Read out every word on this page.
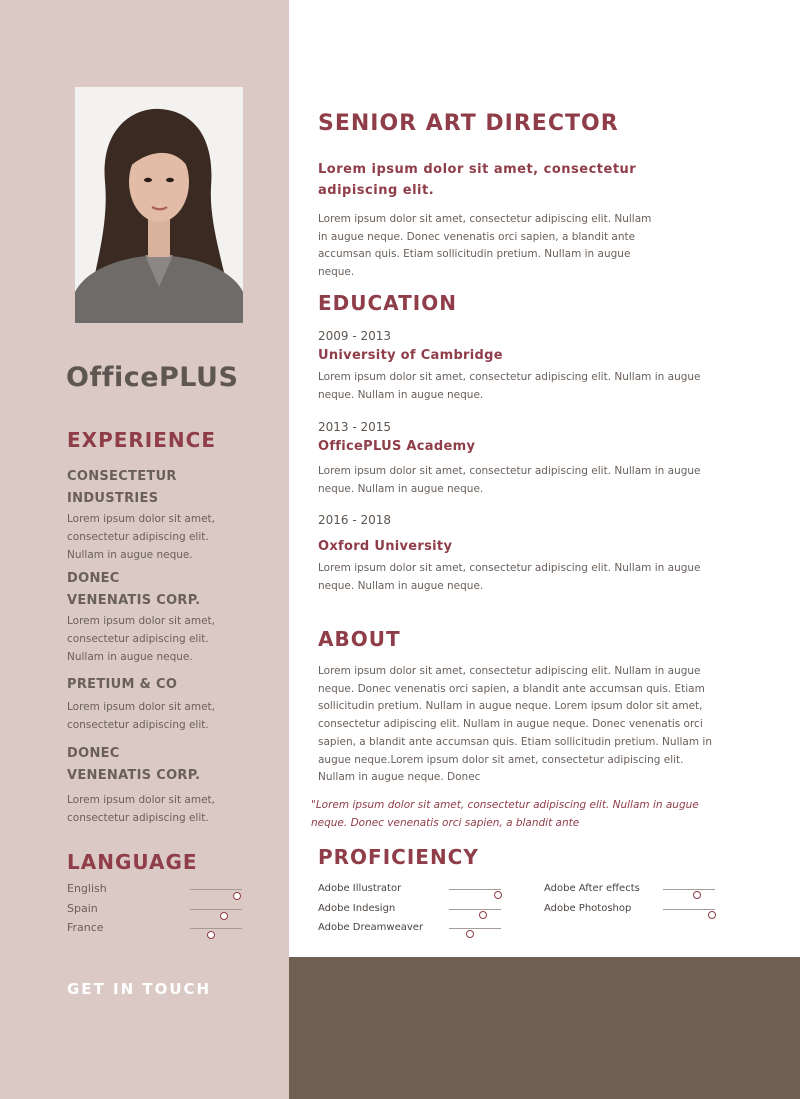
OfficePLUS
EXPERIENCE
CONSECTETUR
INDUSTRIES
Lorem ipsum dolor sit amet,
consectetur adipiscing elit.
Nullam in augue neque.
DONEC
VENENATIS CORP.
Lorem ipsum dolor sit amet,
consectetur adipiscing elit.
Nullam in augue neque.
PRETIUM & CO
Lorem ipsum dolor sit amet,
consectetur adipiscing elit.
DONEC
VENENATIS CORP.
Lorem ipsum dolor sit amet,
consectetur adipiscing elit.
LANGUAGE
English
Spain
France
GET IN TOUCH
SENIOR ART DIRECTOR
Lorem ipsum dolor sit amet, consectetur
adipiscing elit.
Lorem ipsum dolor sit amet, consectetur adipiscing elit. Nullam
in augue neque. Donec venenatis orci sapien, a blandit ante
accumsan quis. Etiam sollicitudin pretium. Nullam in augue
neque.
EDUCATION
2009 - 2013
University of Cambridge
Lorem ipsum dolor sit amet, consectetur adipiscing elit. Nullam in augue
neque. Nullam in augue neque.
2013 - 2015
OfficePLUS Academy
Lorem ipsum dolor sit amet, consectetur adipiscing elit. Nullam in augue
neque. Nullam in augue neque.
2016 - 2018
Oxford University
Lorem ipsum dolor sit amet, consectetur adipiscing elit. Nullam in augue
neque. Nullam in augue neque.
ABOUT
Lorem ipsum dolor sit amet, consectetur adipiscing elit. Nullam in augue
neque. Donec venenatis orci sapien, a blandit ante accumsan quis. Etiam
sollicitudin pretium. Nullam in augue neque. Lorem ipsum dolor sit amet,
consectetur adipiscing elit. Nullam in augue neque. Donec venenatis orci
sapien, a blandit ante accumsan quis. Etiam sollicitudin pretium. Nullam in
augue neque.Lorem ipsum dolor sit amet, consectetur adipiscing elit.
Nullam in augue neque. Donec
"Lorem ipsum dolor sit amet, consectetur adipiscing elit. Nullam in augue
neque. Donec venenatis orci sapien, a blandit ante
PROFICIENCY
Adobe Illustrator
Adobe Indesign
Adobe Dreamweaver
Adobe After effects
Adobe Photoshop
